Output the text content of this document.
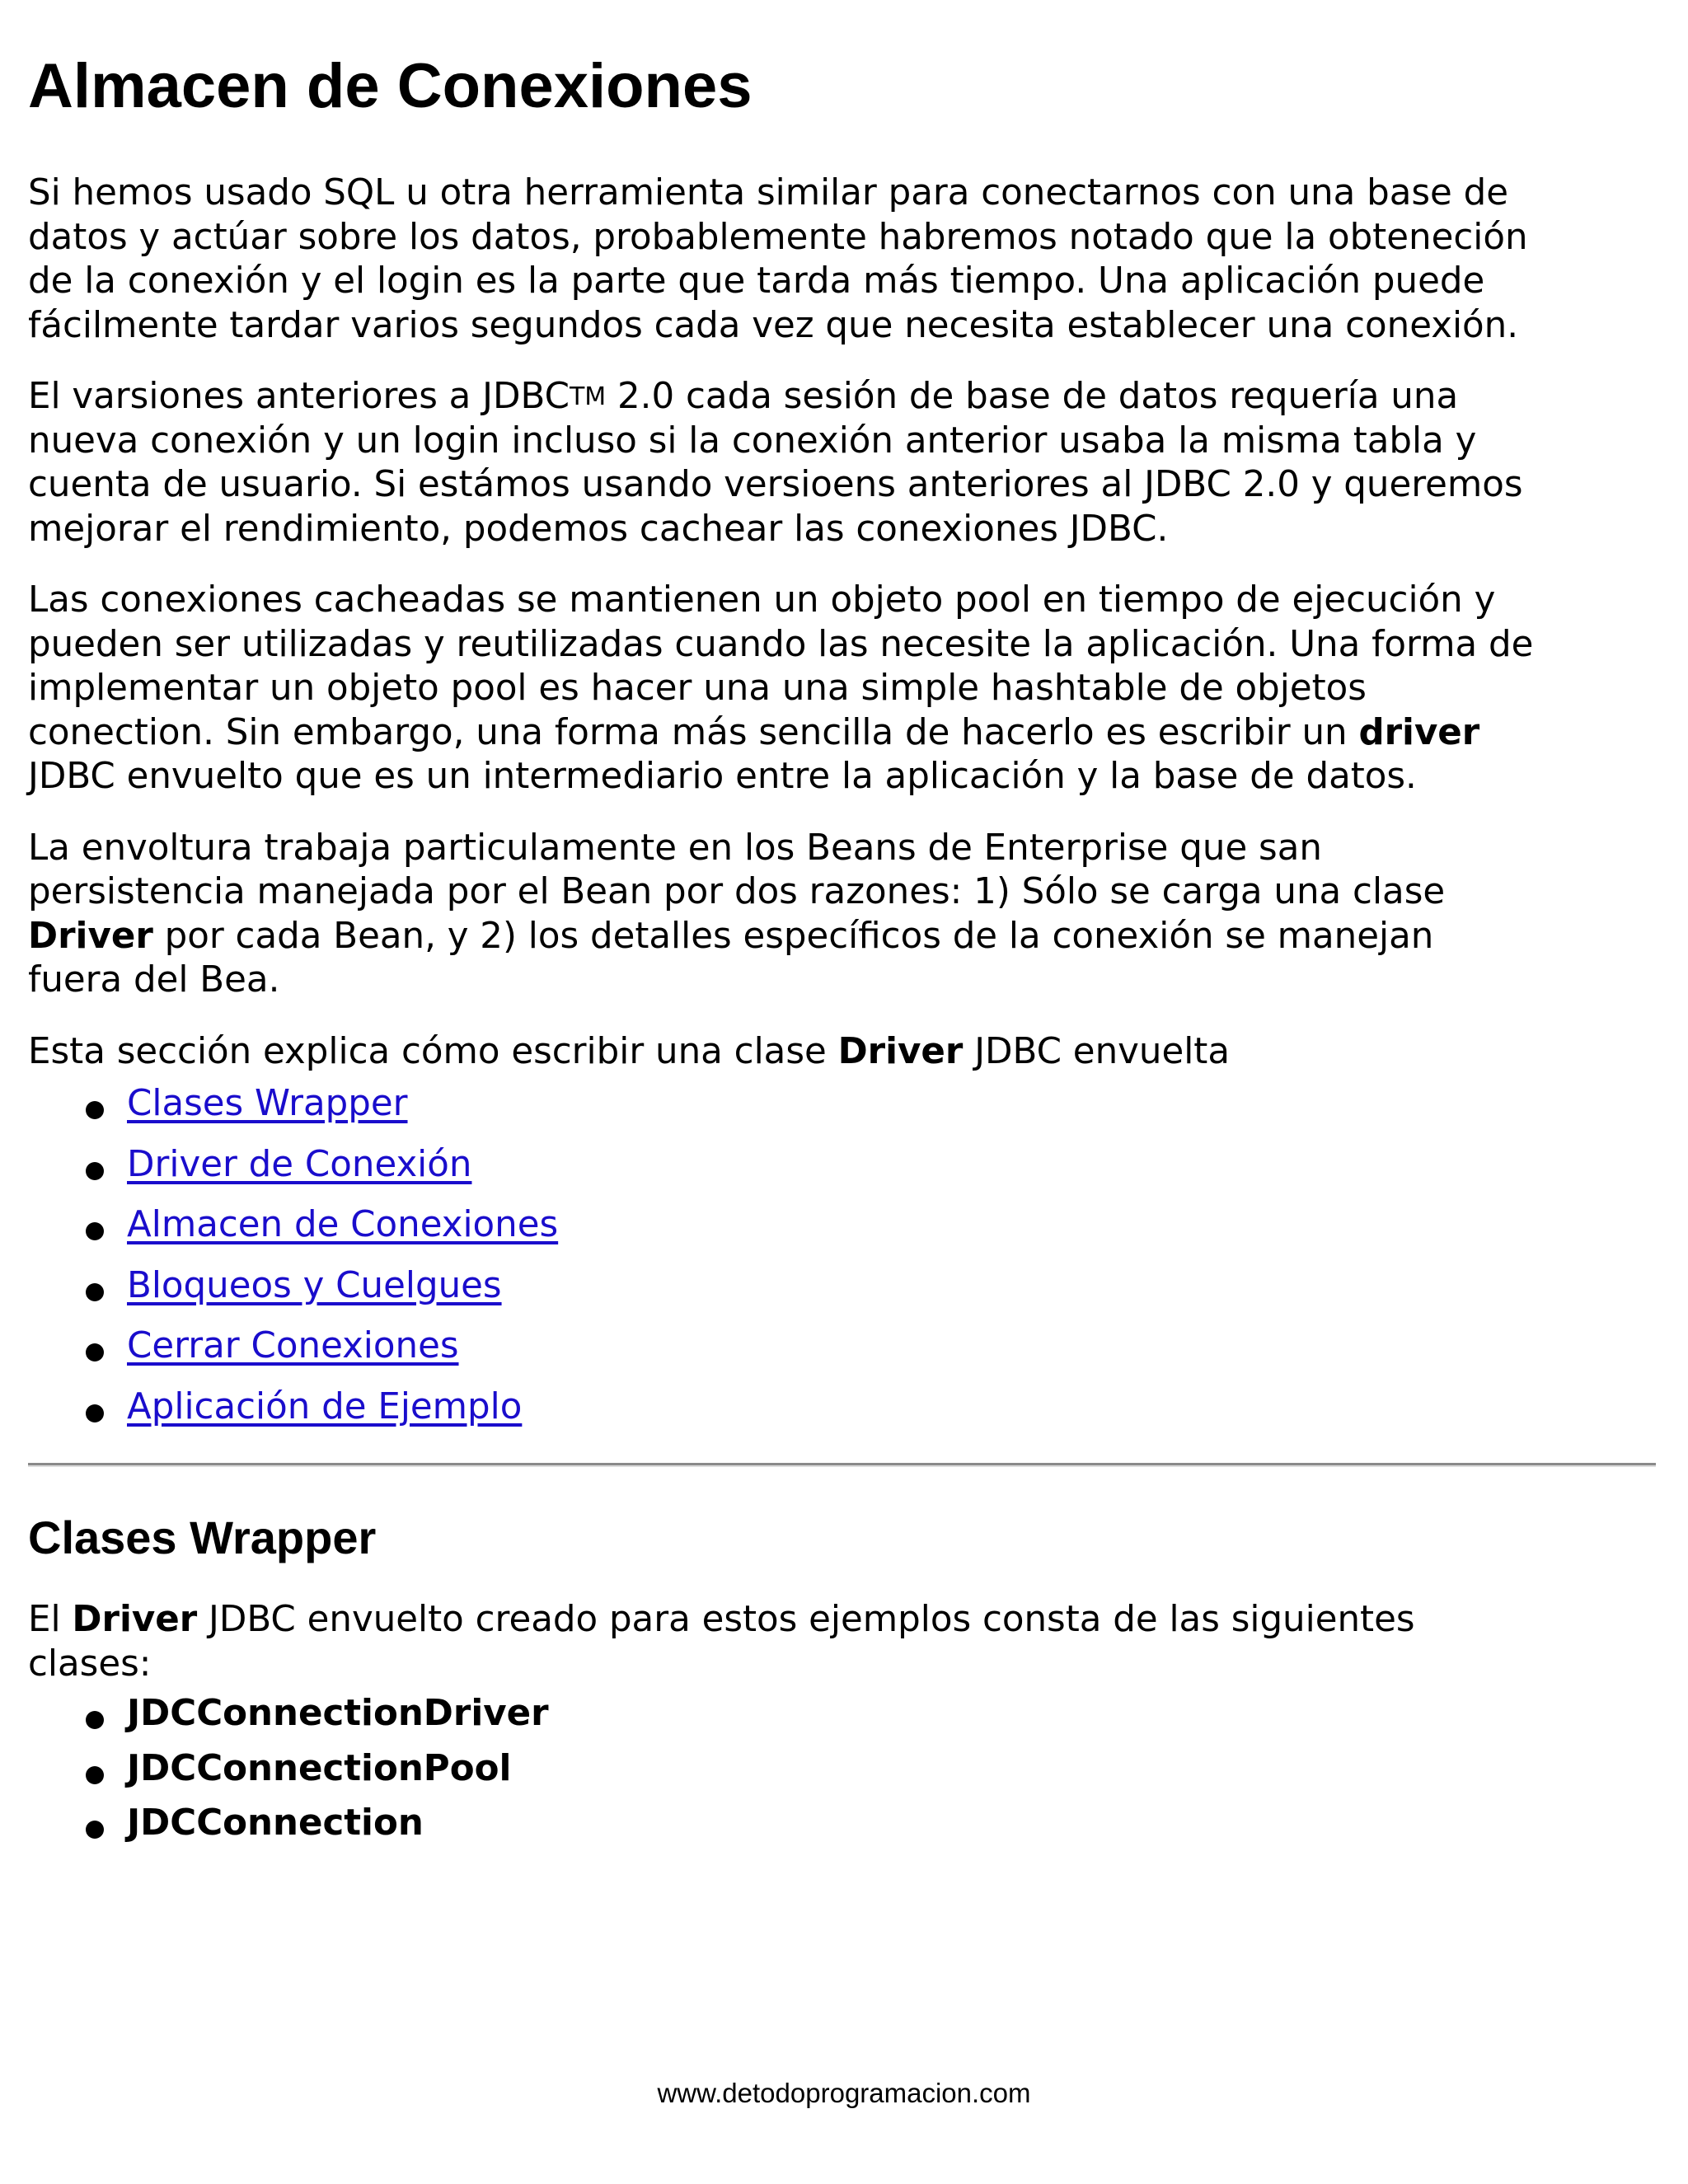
Almacen de Conexiones

Si hemos usado SQL u otra herramienta similar para conectarnos con una base de
datos y actúar sobre los datos, probablemente habremos notado que la obteneción
de la conexión y el login es la parte que tarda más tiempo. Una aplicación puede
fácilmente tardar varios segundos cada vez que necesita establecer una conexión.

El varsiones anteriores a JDBCTM 2.0 cada sesión de base de datos requería una
nueva conexión y un login incluso si la conexión anterior usaba la misma tabla y
cuenta de usuario. Si estámos usando versioens anteriores al JDBC 2.0 y queremos
mejorar el rendimiento, podemos cachear las conexiones JDBC.

Las conexiones cacheadas se mantienen un objeto pool en tiempo de ejecución y
pueden ser utilizadas y reutilizadas cuando las necesite la aplicación. Una forma de
implementar un objeto pool es hacer una una simple hashtable de objetos
conection. Sin embargo, una forma más sencilla de hacerlo es escribir un driver
JDBC envuelto que es un intermediario entre la aplicación y la base de datos.

La envoltura trabaja particulamente en los Beans de Enterprise que san
persistencia manejada por el Bean por dos razones: 1) Sólo se carga una clase
Driver por cada Bean, y 2) los detalles específicos de la conexión se manejan
fuera del Bea.

Esta sección explica cómo escribir una clase Driver JDBC envuelta

Clases Wrapper
Driver de Conexión
Almacen de Conexiones
Bloqueos y Cuelgues
Cerrar Conexiones
Aplicación de Ejemplo
Clases Wrapper

El Driver JDBC envuelto creado para estos ejemplos consta de las siguientes
clases:

JDCConnectionDriver
JDCConnectionPool
JDCConnection
www.detodoprogramacion.com
